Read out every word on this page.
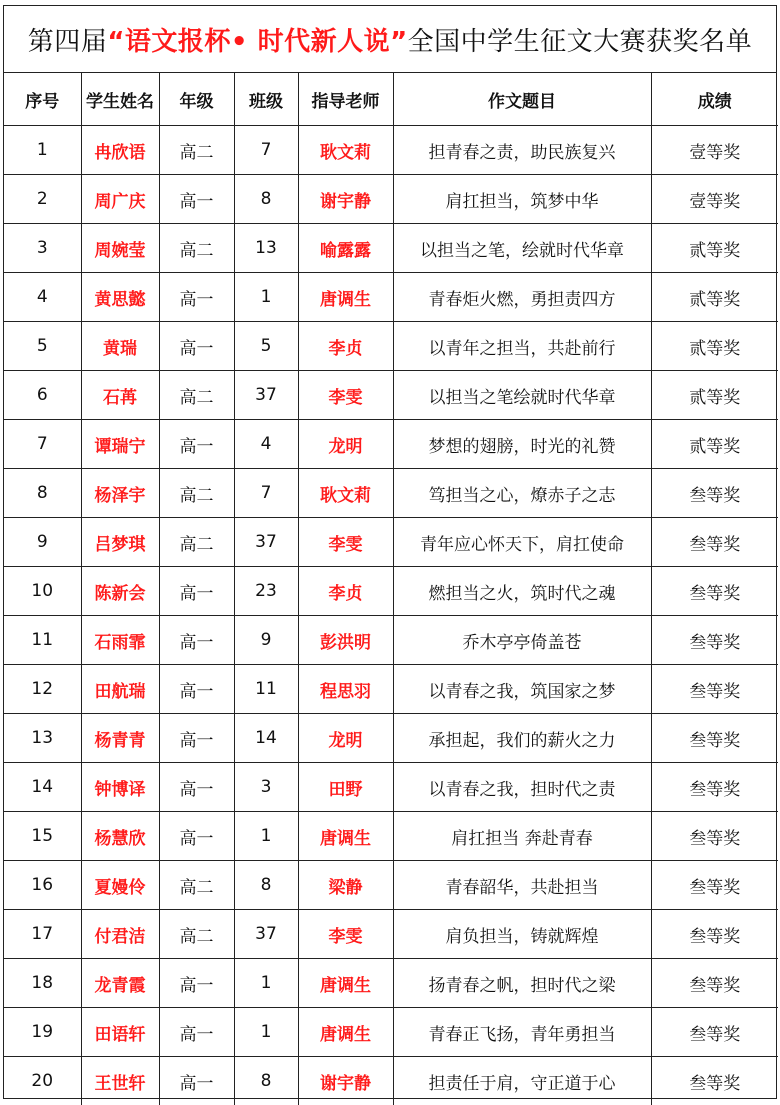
第四届 “语文报杯• 时代新人说” 全国中学生征文大赛获奖名单
序号	学生姓名	年级	班级	指导老师	作文题目	成绩
1	冉欣语	高二	7	耿文莉	担青春之责，助民族复兴	壹等奖
2	周广庆	高一	8	谢宇静	肩扛担当，筑梦中华	壹等奖
3	周婉莹	高二	13	喻露露	以担当之笔，绘就时代华章	贰等奖
4	黄思懿	高一	1	唐调生	青春炬火燃，勇担责四方	贰等奖
5	黄瑞	高一	5	李贞	以青年之担当，共赴前行	贰等奖
6	石苒	高二	37	李雯	以担当之笔绘就时代华章	贰等奖
7	谭瑞宁	高一	4	龙明	梦想的翅膀，时光的礼赞	贰等奖
8	杨泽宇	高二	7	耿文莉	笃担当之心，燎赤子之志	叁等奖
9	吕梦琪	高二	37	李雯	青年应心怀天下，肩扛使命	叁等奖
10	陈新会	高一	23	李贞	燃担当之火，筑时代之魂	叁等奖
11	石雨霏	高一	9	彭洪明	乔木亭亭倚盖苍	叁等奖
12	田航瑞	高一	11	程思羽	以青春之我，筑国家之梦	叁等奖
13	杨青青	高一	14	龙明	承担起，我们的薪火之力	叁等奖
14	钟博译	高一	3	田野	以青春之我，担时代之责	叁等奖
15	杨慧欣	高一	1	唐调生	肩扛担当 奔赴青春	叁等奖
16	夏嫚伶	高二	8	梁静	青春韶华，共赴担当	叁等奖
17	付君洁	高二	37	李雯	肩负担当，铸就辉煌	叁等奖
18	龙青霞	高一	1	唐调生	扬青春之帆，担时代之梁	叁等奖
19	田语轩	高一	1	唐调生	青春正飞扬，青年勇担当	叁等奖
20	王世轩	高一	8	谢宇静	担责任于肩，守正道于心	叁等奖
